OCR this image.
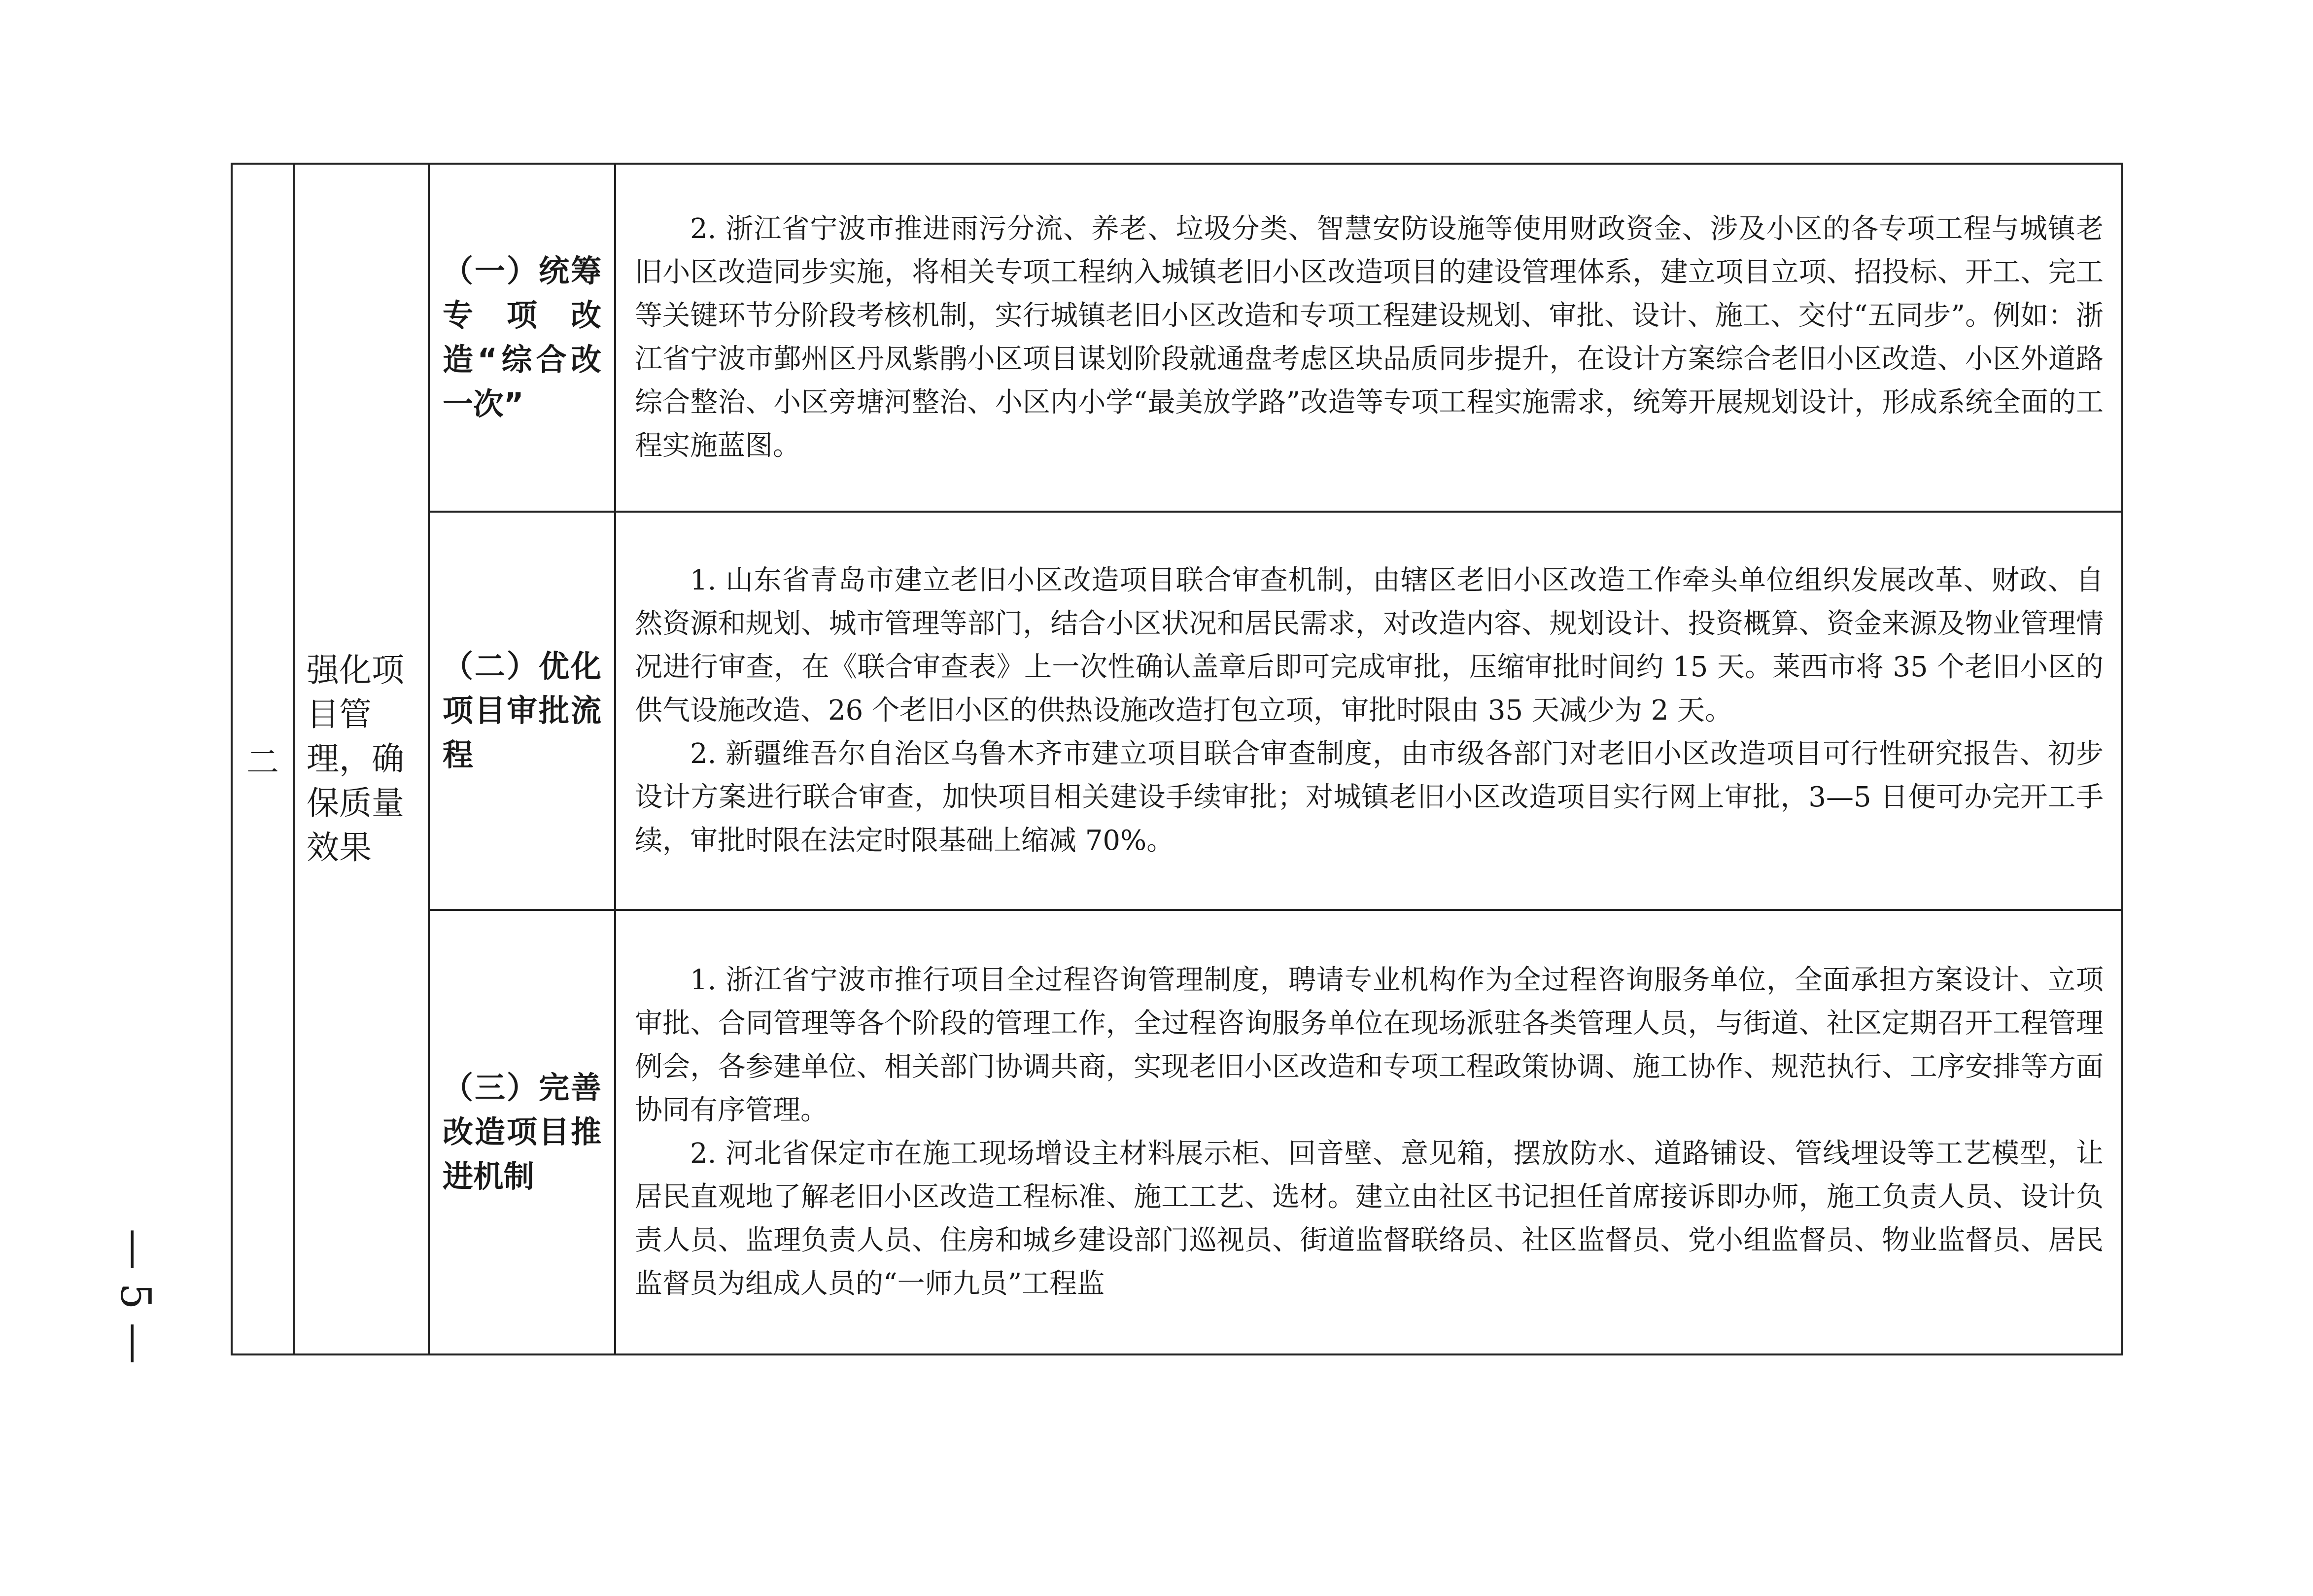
二	强化项目管理，确保质量效果	（一）统筹专项改造“综合改一次”	2. 浙江省宁波市推进雨污分流、养老、垃圾分类、智慧安防设施等使用财政资金、涉及小区的各专项工程与城镇老旧小区改造同步实施，将相关专项工程纳入城镇老旧小区改造项目的建设管理体系，建立项目立项、招投标、开工、完工等关键环节分阶段考核机制，实行城镇老旧小区改造和专项工程建设规划、审批、设计、施工、交付“五同步”。例如：浙江省宁波市鄞州区丹凤紫鹃小区项目谋划阶段就通盘考虑区块品质同步提升，在设计方案综合老旧小区改造、小区外道路综合整治、小区旁塘河整治、小区内小学“最美放学路”改造等专项工程实施需求，统筹开展规划设计，形成系统全面的工程实施蓝图。

		（二）优化项目审批流程	1. 山东省青岛市建立老旧小区改造项目联合审查机制，由辖区老旧小区改造工作牵头单位组织发展改革、财政、自然资源和规划、城市管理等部门，结合小区状况和居民需求，对改造内容、规划设计、投资概算、资金来源及物业管理情况进行审查，在《联合审查表》上一次性确认盖章后即可完成审批，压缩审批时间约 15 天。莱西市将 35 个老旧小区的供气设施改造、26 个老旧小区的供热设施改造打包立项，审批时限由 35 天减少为 2 天。

2. 新疆维吾尔自治区乌鲁木齐市建立项目联合审查制度，由市级各部门对老旧小区改造项目可行性研究报告、初步设计方案进行联合审查，加快项目相关建设手续审批；对城镇老旧小区改造项目实行网上审批，3—5 日便可办完开工手续，审批时限在法定时限基础上缩减 70%。

		（三）完善改造项目推进机制	1. 浙江省宁波市推行项目全过程咨询管理制度，聘请专业机构作为全过程咨询服务单位，全面承担方案设计、立项审批、合同管理等各个阶段的管理工作，全过程咨询服务单位在现场派驻各类管理人员，与街道、社区定期召开工程管理例会，各参建单位、相关部门协调共商，实现老旧小区改造和专项工程政策协调、施工协作、规范执行、工序安排等方面协同有序管理。

2. 河北省保定市在施工现场增设主材料展示柜、回音壁、意见箱，摆放防水、道路铺设、管线埋设等工艺模型，让居民直观地了解老旧小区改造工程标准、施工工艺、选材。建立由社区书记担任首席接诉即办师，施工负责人员、设计负责人员、监理负责人员、住房和城乡建设部门巡视员、街道监督联络员、社区监督员、党小组监督员、物业监督员、居民监督员为组成人员的“一师九员”工程监

— 5 —
